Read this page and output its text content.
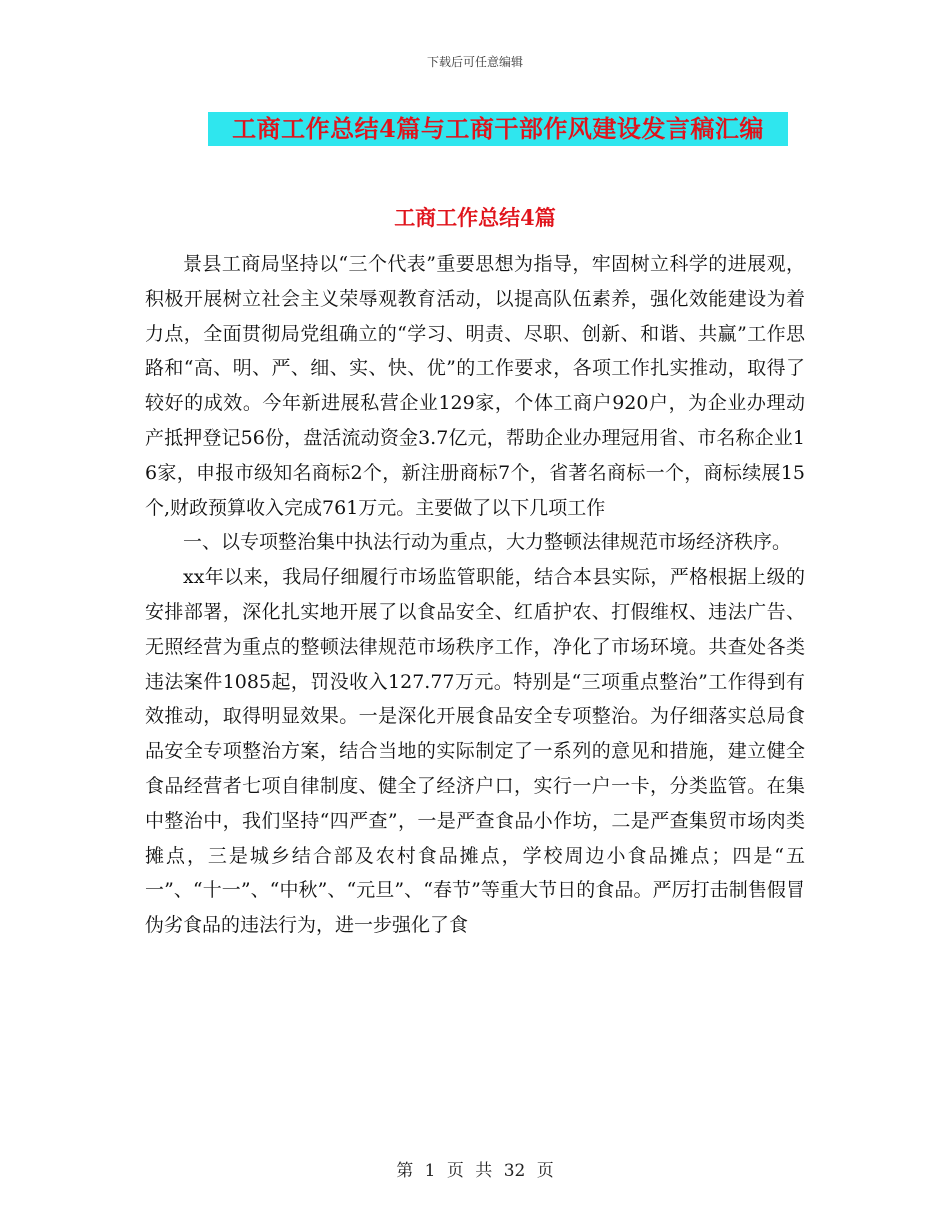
下载后可任意编辑
工商工作总结4篇与工商干部作风建设发言稿汇编
工商工作总结4篇

景县工商局坚持以“三个代表”重要思想为指导，牢固树立科学的进展观，积极开展树立社会主义荣辱观教育活动，以提高队伍素养，强化效能建设为着力点，全面贯彻局党组确立的“学习、明责、尽职、创新、和谐、共赢”工作思路和“高、明、严、细、实、快、优”的工作要求，各项工作扎实推动，取得了较好的成效。今年新进展私营企业129家，个体工商户920户，为企业办理动产抵押登记56份，盘活流动资金3.7亿元，帮助企业办理冠用省、市名称企业16家，申报市级知名商标2个，新注册商标7个，省著名商标一个，商标续展15个,财政预算收入完成761万元。主要做了以下几项工作

一、以专项整治集中执法行动为重点，大力整顿法律规范市场经济秩序。

xx年以来，我局仔细履行市场监管职能，结合本县实际，严格根据上级的安排部署，深化扎实地开展了以食品安全、红盾护农、打假维权、违法广告、无照经营为重点的整顿法律规范市场秩序工作，净化了市场环境。共查处各类违法案件1085起，罚没收入127.77万元。特别是“三项重点整治”工作得到有效推动，取得明显效果。一是深化开展食品安全专项整治。为仔细落实总局食品安全专项整治方案，结合当地的实际制定了一系列的意见和措施，建立健全食品经营者七项自律制度、健全了经济户口，实行一户一卡，分类监管。在集中整治中，我们坚持“四严查”，一是严查食品小作坊，二是严查集贸市场肉类摊点，三是城乡结合部及农村食品摊点，学校周边小食品摊点；四是“五一”、“十一”、“中秋”、“元旦”、“春节”等重大节日的食品。严厉打击制售假冒伪劣食品的违法行为，进一步强化了食

第 1 页 共 32 页
